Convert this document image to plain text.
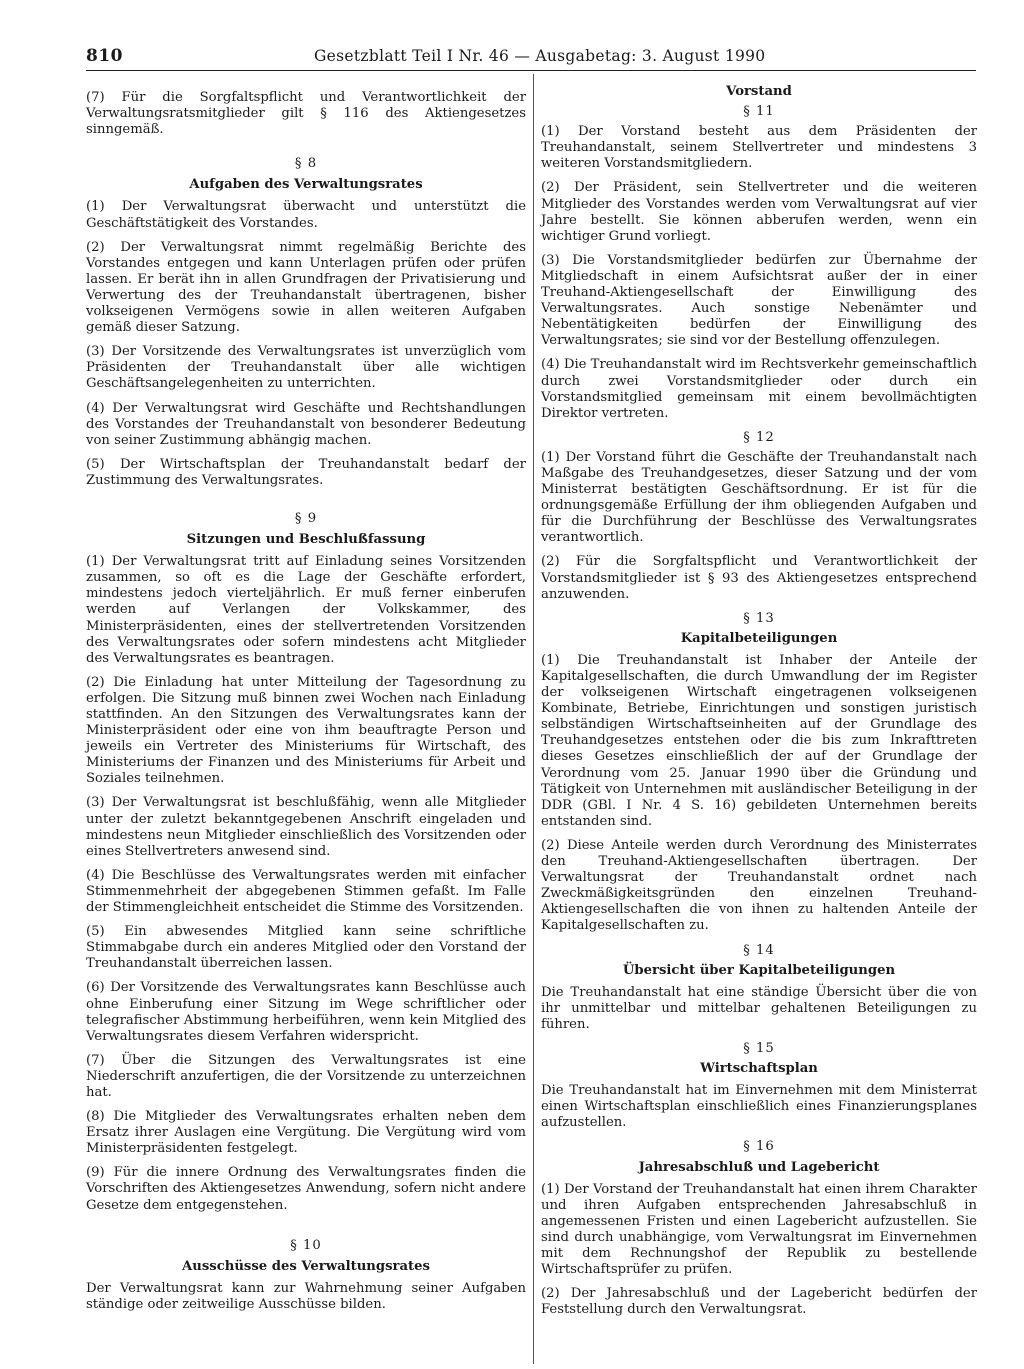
810	Gesetzblatt Teil I Nr. 46 — Ausgabetag: 3. August 1990

(7) Für die Sorgfaltspflicht und Verantwortlichkeit der Verwaltungsratsmitglieder gilt § 116 des Aktiengesetzes sinngemäß.

§ 8
Aufgaben des Verwaltungsrates

(1) Der Verwaltungsrat überwacht und unterstützt die Geschäftstätigkeit des Vorstandes.

(2) Der Verwaltungsrat nimmt regelmäßig Berichte des Vorstandes entgegen und kann Unterlagen prüfen oder prüfen lassen. Er berät ihn in allen Grundfragen der Privatisierung und Verwertung des der Treuhandanstalt übertragenen, bisher volkseigenen Vermögens sowie in allen weiteren Aufgaben gemäß dieser Satzung.

(3) Der Vorsitzende des Verwaltungsrates ist unverzüglich vom Präsidenten der Treuhandanstalt über alle wichtigen Geschäftsangelegenheiten zu unterrichten.

(4) Der Verwaltungsrat wird Geschäfte und Rechtshandlungen des Vorstandes der Treuhandanstalt von besonderer Bedeutung von seiner Zustimmung abhängig machen.

(5) Der Wirtschaftsplan der Treuhandanstalt bedarf der Zustimmung des Verwaltungsrates.

§ 9
Sitzungen und Beschlußfassung

(1) Der Verwaltungsrat tritt auf Einladung seines Vorsitzenden zusammen, so oft es die Lage der Geschäfte erfordert, mindestens jedoch vierteljährlich. Er muß ferner einberufen werden auf Verlangen der Volkskammer, des Ministerpräsidenten, eines der stellvertretenden Vorsitzenden des Verwaltungsrates oder sofern mindestens acht Mitglieder des Verwaltungsrates es beantragen.

(2) Die Einladung hat unter Mitteilung der Tagesordnung zu erfolgen. Die Sitzung muß binnen zwei Wochen nach Einladung stattfinden. An den Sitzungen des Verwaltungsrates kann der Ministerpräsident oder eine von ihm beauftragte Person und jeweils ein Vertreter des Ministeriums für Wirtschaft, des Ministeriums der Finanzen und des Ministeriums für Arbeit und Soziales teilnehmen.

(3) Der Verwaltungsrat ist beschlußfähig, wenn alle Mitglieder unter der zuletzt bekanntgegebenen Anschrift eingeladen und mindestens neun Mitglieder einschließlich des Vorsitzenden oder eines Stellvertreters anwesend sind.

(4) Die Beschlüsse des Verwaltungsrates werden mit einfacher Stimmenmehrheit der abgegebenen Stimmen gefaßt. Im Falle der Stimmengleichheit entscheidet die Stimme des Vorsitzenden.

(5) Ein abwesendes Mitglied kann seine schriftliche Stimmabgabe durch ein anderes Mitglied oder den Vorstand der Treuhandanstalt überreichen lassen.

(6) Der Vorsitzende des Verwaltungsrates kann Beschlüsse auch ohne Einberufung einer Sitzung im Wege schriftlicher oder telegrafischer Abstimmung herbeiführen, wenn kein Mitglied des Verwaltungsrates diesem Verfahren widerspricht.

(7) Über die Sitzungen des Verwaltungsrates ist eine Niederschrift anzufertigen, die der Vorsitzende zu unterzeichnen hat.

(8) Die Mitglieder des Verwaltungsrates erhalten neben dem Ersatz ihrer Auslagen eine Vergütung. Die Vergütung wird vom Ministerpräsidenten festgelegt.

(9) Für die innere Ordnung des Verwaltungsrates finden die Vorschriften des Aktiengesetzes Anwendung, sofern nicht andere Gesetze dem entgegenstehen.

§ 10
Ausschüsse des Verwaltungsrates

Der Verwaltungsrat kann zur Wahrnehmung seiner Aufgaben ständige oder zeitweilige Ausschüsse bilden.

Vorstand
§ 11

(1) Der Vorstand besteht aus dem Präsidenten der Treuhandanstalt, seinem Stellvertreter und mindestens 3 weiteren Vorstandsmitgliedern.

(2) Der Präsident, sein Stellvertreter und die weiteren Mitglieder des Vorstandes werden vom Verwaltungsrat auf vier Jahre bestellt. Sie können abberufen werden, wenn ein wichtiger Grund vorliegt.

(3) Die Vorstandsmitglieder bedürfen zur Übernahme der Mitgliedschaft in einem Aufsichtsrat außer der in einer Treuhand-Aktiengesellschaft der Einwilligung des Verwaltungsrates. Auch sonstige Nebenämter und Nebentätigkeiten bedürfen der Einwilligung des Verwaltungsrates; sie sind vor der Bestellung offenzulegen.

(4) Die Treuhandanstalt wird im Rechtsverkehr gemeinschaftlich durch zwei Vorstandsmitglieder oder durch ein Vorstandsmitglied gemeinsam mit einem bevollmächtigten Direktor vertreten.

§ 12

(1) Der Vorstand führt die Geschäfte der Treuhandanstalt nach Maßgabe des Treuhandgesetzes, dieser Satzung und der vom Ministerrat bestätigten Geschäftsordnung. Er ist für die ordnungsgemäße Erfüllung der ihm obliegenden Aufgaben und für die Durchführung der Beschlüsse des Verwaltungsrates verantwortlich.

(2) Für die Sorgfaltspflicht und Verantwortlichkeit der Vorstandsmitglieder ist § 93 des Aktiengesetzes entsprechend anzuwenden.

§ 13
Kapitalbeteiligungen

(1) Die Treuhandanstalt ist Inhaber der Anteile der Kapitalgesellschaften, die durch Umwandlung der im Register der volkseigenen Wirtschaft eingetragenen volkseigenen Kombinate, Betriebe, Einrichtungen und sonstigen juristisch selbständigen Wirtschaftseinheiten auf der Grundlage des Treuhandgesetzes entstehen oder die bis zum Inkrafttreten dieses Gesetzes einschließlich der auf der Grundlage der Verordnung vom 25. Januar 1990 über die Gründung und Tätigkeit von Unternehmen mit ausländischer Beteiligung in der DDR (GBl. I Nr. 4 S. 16) gebildeten Unternehmen bereits entstanden sind.

(2) Diese Anteile werden durch Verordnung des Ministerrates den Treuhand-Aktiengesellschaften übertragen. Der Verwaltungsrat der Treuhandanstalt ordnet nach Zweckmäßigkeitsgründen den einzelnen Treuhand-Aktiengesellschaften die von ihnen zu haltenden Anteile der Kapitalgesellschaften zu.

§ 14
Übersicht über Kapitalbeteiligungen

Die Treuhandanstalt hat eine ständige Übersicht über die von ihr unmittelbar und mittelbar gehaltenen Beteiligungen zu führen.

§ 15
Wirtschaftsplan

Die Treuhandanstalt hat im Einvernehmen mit dem Ministerrat einen Wirtschaftsplan einschließlich eines Finanzierungsplanes aufzustellen.

§ 16
Jahresabschluß und Lagebericht

(1) Der Vorstand der Treuhandanstalt hat einen ihrem Charakter und ihren Aufgaben entsprechenden Jahresabschluß in angemessenen Fristen und einen Lagebericht aufzustellen. Sie sind durch unabhängige, vom Verwaltungsrat im Einvernehmen mit dem Rechnungshof der Republik zu bestellende Wirtschaftsprüfer zu prüfen.

(2) Der Jahresabschluß und der Lagebericht bedürfen der Feststellung durch den Verwaltungsrat.
